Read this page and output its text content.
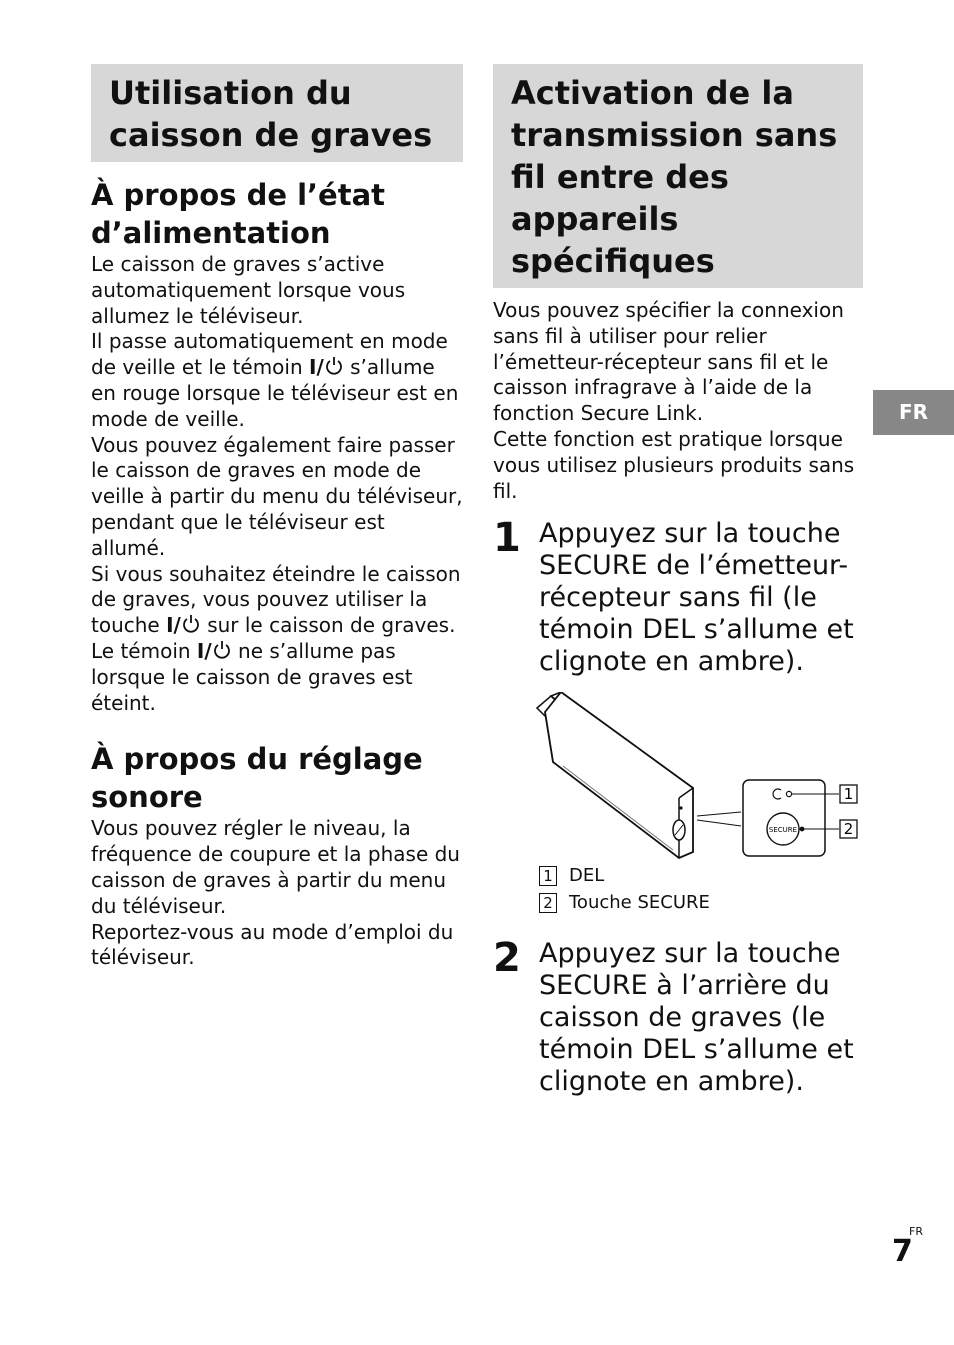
Utilisation du
caisson de graves
À propos de l’état
d’alimentation

Le caisson de graves s’active automatiquement lorsque vous allumez le téléviseur.

Il passe automatiquement en mode de veille et le témoin I/ s’allume en rouge lorsque le téléviseur est en mode de veille.

Vous pouvez également faire passer le caisson de graves en mode de veille à partir du menu du téléviseur, pendant que le téléviseur est allumé.

Si vous souhaitez éteindre le caisson de graves, vous pouvez utiliser la touche I/ sur le caisson de graves. Le témoin I/ ne s’allume pas lorsque le caisson de graves est éteint.

À propos du réglage
sonore

Vous pouvez régler le niveau, la fréquence de coupure et la phase du caisson de graves à partir du menu du téléviseur.

Reportez-vous au mode d’emploi du téléviseur.

Activation de la
transmission sans
fil entre des
appareils
spécifiques

Vous pouvez spécifier la connexion sans fil à utiliser pour relier l’émetteur-récepteur sans fil et le caisson infragrave à l’aide de la fonction Secure Link.

Cette fonction est pratique lorsque vous utilisez plusieurs produits sans fil.

1 Appuyez sur la touche
SECURE de l’émetteur-
récepteur sans fil (le
témoin DEL s’allume et
clignote en ambre).
SECURE
1
2
1 DEL
2 Touche SECURE
2 Appuyez sur la touche
SECURE à l’arrière du
caisson de graves (le
témoin DEL s’allume et
clignote en ambre).
FR
7
FR
